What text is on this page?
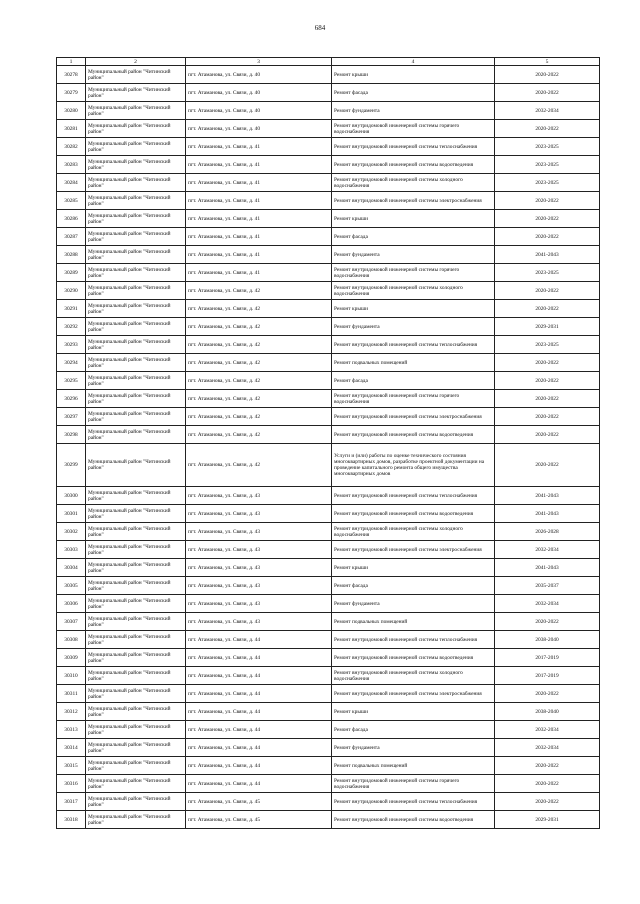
684
1	2	3	4	5
30278	Муниципальный район "Читинский район"	пгт. Атаманова, ул. Связи, д. 40	Ремонт крыши	2020-2022
30279	Муниципальный район "Читинский район"	пгт. Атаманова, ул. Связи, д. 40	Ремонт фасада	2020-2022
30280	Муниципальный район "Читинский район"	пгт. Атаманова, ул. Связи, д. 40	Ремонт фундамента	2032-2034
30281	Муниципальный район "Читинский район"	пгт. Атаманова, ул. Связи, д. 40	Ремонт внутридомовой инженерной системы горячего водоснабжения	2020-2022
30282	Муниципальный район "Читинский район"	пгт. Атаманова, ул. Связи, д. 41	Ремонт внутридомовой инженерной системы теплоснабжения	2023-2025
30283	Муниципальный район "Читинский район"	пгт. Атаманова, ул. Связи, д. 41	Ремонт внутридомовой инженерной системы водоотведения	2023-2025
30284	Муниципальный район "Читинский район"	пгт. Атаманова, ул. Связи, д. 41	Ремонт внутридомовой инженерной системы холодного водоснабжения	2023-2025
30285	Муниципальный район "Читинский район"	пгт. Атаманова, ул. Связи, д. 41	Ремонт внутридомовой инженерной системы электроснабжения	2020-2022
30286	Муниципальный район "Читинский район"	пгт. Атаманова, ул. Связи, д. 41	Ремонт крыши	2020-2022
30287	Муниципальный район "Читинский район"	пгт. Атаманова, ул. Связи, д. 41	Ремонт фасада	2020-2022
30288	Муниципальный район "Читинский район"	пгт. Атаманова, ул. Связи, д. 41	Ремонт фундамента	2041-2043
30289	Муниципальный район "Читинский район"	пгт. Атаманова, ул. Связи, д. 41	Ремонт внутридомовой инженерной системы горячего водоснабжения	2023-2025
30290	Муниципальный район "Читинский район"	пгт. Атаманова, ул. Связи, д. 42	Ремонт внутридомовой инженерной системы холодного водоснабжения	2020-2022
30291	Муниципальный район "Читинский район"	пгт. Атаманова, ул. Связи, д. 42	Ремонт крыши	2020-2022
30292	Муниципальный район "Читинский район"	пгт. Атаманова, ул. Связи, д. 42	Ремонт фундамента	2029-2031
30293	Муниципальный район "Читинский район"	пгт. Атаманова, ул. Связи, д. 42	Ремонт внутридомовой инженерной системы теплоснабжения	2023-2025
30294	Муниципальный район "Читинский район"	пгт. Атаманова, ул. Связи, д. 42	Ремонт подвальных помещений	2020-2022
30295	Муниципальный район "Читинский район"	пгт. Атаманова, ул. Связи, д. 42	Ремонт фасада	2020-2022
30296	Муниципальный район "Читинский район"	пгт. Атаманова, ул. Связи, д. 42	Ремонт внутридомовой инженерной системы горячего водоснабжения	2020-2022
30297	Муниципальный район "Читинский район"	пгт. Атаманова, ул. Связи, д. 42	Ремонт внутридомовой инженерной системы электроснабжения	2020-2022
30298	Муниципальный район "Читинский район"	пгт. Атаманова, ул. Связи, д. 42	Ремонт внутридомовой инженерной системы водоотведения	2020-2022
30299	Муниципальный район "Читинский район"	пгт. Атаманова, ул. Связи, д. 42	Услуги и (или) работы по оценке технического состояния многоквартирных домов, разработке проектной документации на проведение капитального ремонта общего имущества многоквартирных домов	2020-2022
30300	Муниципальный район "Читинский район"	пгт. Атаманова, ул. Связи, д. 43	Ремонт внутридомовой инженерной системы теплоснабжения	2041-2043
30301	Муниципальный район "Читинский район"	пгт. Атаманова, ул. Связи, д. 43	Ремонт внутридомовой инженерной системы водоотведения	2041-2043
30302	Муниципальный район "Читинский район"	пгт. Атаманова, ул. Связи, д. 43	Ремонт внутридомовой инженерной системы холодного водоснабжения	2026-2028
30303	Муниципальный район "Читинский район"	пгт. Атаманова, ул. Связи, д. 43	Ремонт внутридомовой инженерной системы электроснабжения	2032-2034
30304	Муниципальный район "Читинский район"	пгт. Атаманова, ул. Связи, д. 43	Ремонт крыши	2041-2043
30305	Муниципальный район "Читинский район"	пгт. Атаманова, ул. Связи, д. 43	Ремонт фасада	2035-2037
30306	Муниципальный район "Читинский район"	пгт. Атаманова, ул. Связи, д. 43	Ремонт фундамента	2032-2034
30307	Муниципальный район "Читинский район"	пгт. Атаманова, ул. Связи, д. 43	Ремонт подвальных помещений	2020-2022
30308	Муниципальный район "Читинский район"	пгт. Атаманова, ул. Связи, д. 44	Ремонт внутридомовой инженерной системы теплоснабжения	2038-2040
30309	Муниципальный район "Читинский район"	пгт. Атаманова, ул. Связи, д. 44	Ремонт внутридомовой инженерной системы водоотведения	2017-2019
30310	Муниципальный район "Читинский район"	пгт. Атаманова, ул. Связи, д. 44	Ремонт внутридомовой инженерной системы холодного водоснабжения	2017-2019
30311	Муниципальный район "Читинский район"	пгт. Атаманова, ул. Связи, д. 44	Ремонт внутридомовой инженерной системы электроснабжения	2020-2022
30312	Муниципальный район "Читинский район"	пгт. Атаманова, ул. Связи, д. 44	Ремонт крыши	2038-2040
30313	Муниципальный район "Читинский район"	пгт. Атаманова, ул. Связи, д. 44	Ремонт фасада	2032-2034
30314	Муниципальный район "Читинский район"	пгт. Атаманова, ул. Связи, д. 44	Ремонт фундамента	2032-2034
30315	Муниципальный район "Читинский район"	пгт. Атаманова, ул. Связи, д. 44	Ремонт подвальных помещений	2020-2022
30316	Муниципальный район "Читинский район"	пгт. Атаманова, ул. Связи, д. 44	Ремонт внутридомовой инженерной системы горячего водоснабжения	2020-2022
30317	Муниципальный район "Читинский район"	пгт. Атаманова, ул. Связи, д. 45	Ремонт внутридомовой инженерной системы теплоснабжения	2020-2022
30318	Муниципальный район "Читинский район"	пгт. Атаманова, ул. Связи, д. 45	Ремонт внутридомовой инженерной системы водоотведения	2029-2031
